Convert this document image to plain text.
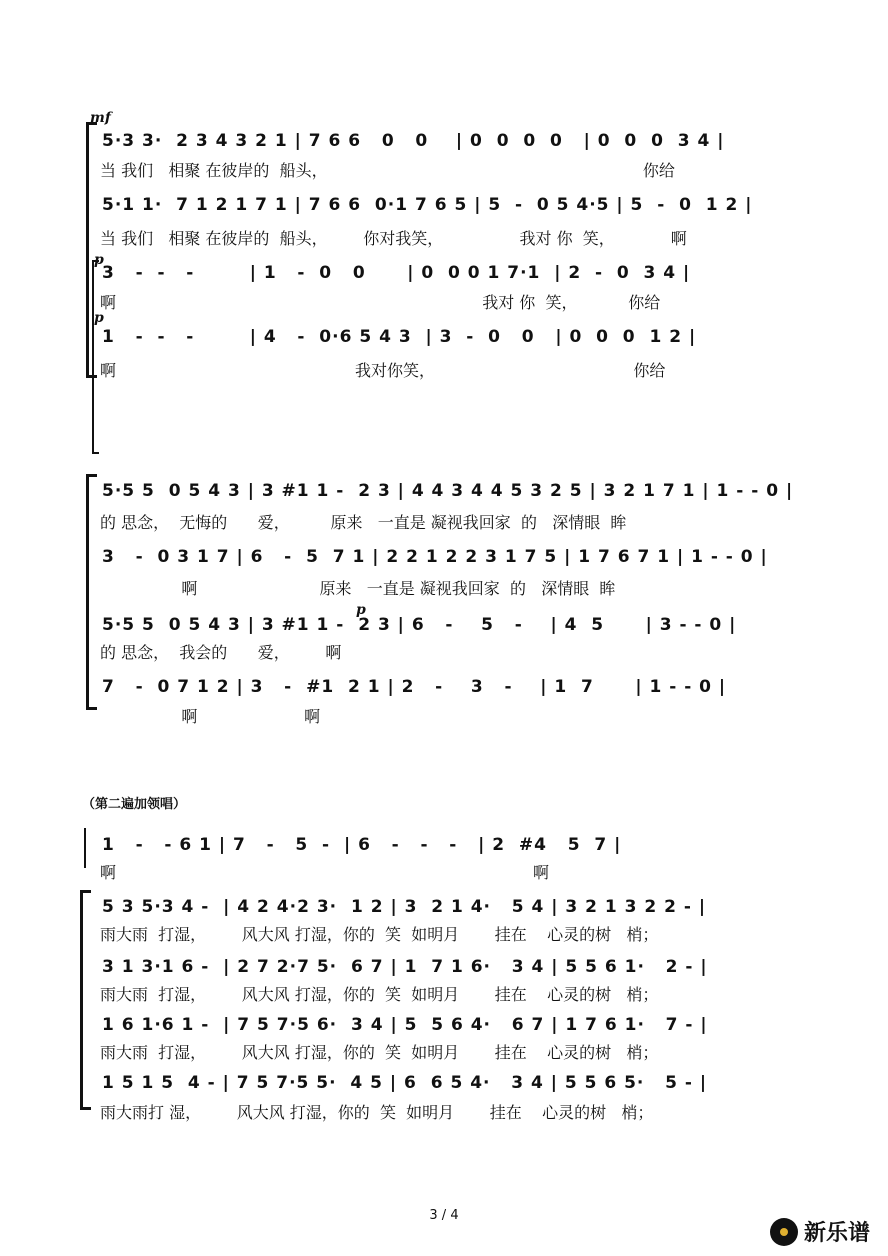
mf
5·3 3·  2 3 4 3 2 1 | 7 6 6   0   0    | 0  0  0  0   | 0  0  0  3 4 |
当 我们   相聚 在彼岸的  船头，                                                              你给
5·1 1·  7 1 2 1 7 1 | 7 6 6  0·1 7 6 5 | 5  -  0 5 4·5 | 5  -  0  1 2 |
当 我们   相聚 在彼岸的  船头，       你对我笑，               我对 你  笑，           啊
p
3   -  -   -        | 1   -  0   0      | 0  0 0 1 7·1  | 2  -  0  3 4 |
啊                                                                        我对 你  笑，          你给
p
1   -  -   -        | 4   -  0·6 5 4 3  | 3  -  0   0   | 0  0  0  1 2 |
啊                                               我对你笑，                                       你给
5·5 5  0 5 4 3 | 3 #1 1 -  2 3 | 4 4 3 4 4 5 3 2 5 | 3 2 1 7 1 | 1 - - 0 |
的 思念，  无悔的      爱，        原来   一直是 凝视我回家  的   深情眼  眸
3   -  0 3 1 7 | 6   -  5  7 1 | 2 2 1 2 2 3 1 7 5 | 1 7 6 7 1 | 1 - - 0 |
啊                        原来   一直是 凝视我回家  的   深情眼  眸
p
5·5 5  0 5 4 3 | 3 #1 1 -  2 3 | 6   -    5   -    | 4  5      | 3 - - 0 |
的 思念，  我会的      爱，       啊
7   -  0 7 1 2 | 3   -  #1  2 1 | 2   -    3   -    | 1  7      | 1 - - 0 |
啊                     啊
（第二遍加领唱）
1   -   - 6 1 | 7   -   5  -  | 6   -   -   -   | 2  #4   5  7 |
啊                                                                                  啊
5 3 5·3 4 -  | 4 2 4·2 3·  1 2 | 3  2 1 4·   5 4 | 3 2 1 3 2 2 - |
雨大雨  打湿，       风大风 打湿，你的  笑  如明月       挂在    心灵的树   梢；
3 1 3·1 6 -  | 2 7 2·7 5·  6 7 | 1  7 1 6·   3 4 | 5 5 6 1·   2 - |
雨大雨  打湿，       风大风 打湿，你的  笑  如明月       挂在    心灵的树   梢；
1 6 1·6 1 -  | 7 5 7·5 6·  3 4 | 5  5 6 4·   6 7 | 1 7 6 1·   7 - |
雨大雨  打湿，       风大风 打湿，你的  笑  如明月       挂在    心灵的树   梢；
1 5 1 5  4 - | 7 5 7·5 5·  4 5 | 6  6 5 4·   3 4 | 5 5 6 5·   5 - |
雨大雨打 湿，       风大风 打湿，你的  笑  如明月       挂在    心灵的树   梢；
3 / 4
新乐谱
